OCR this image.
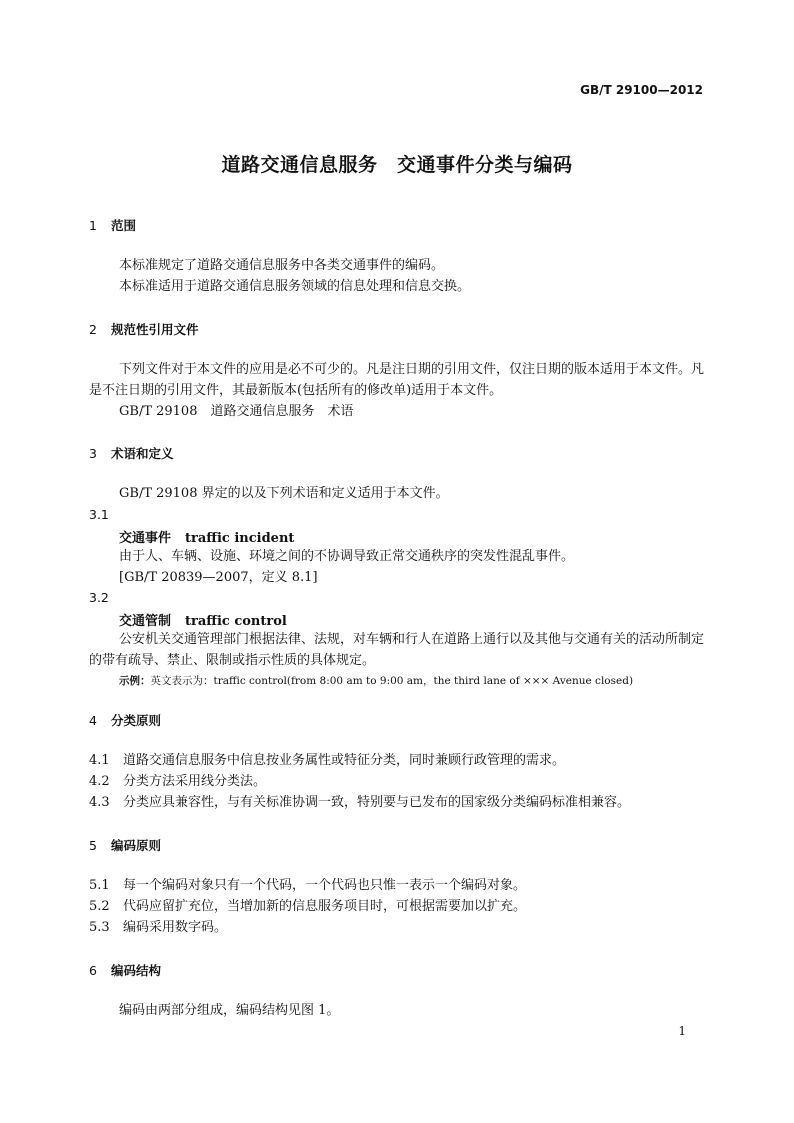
GB/T 29100—2012
道路交通信息服务　交通事件分类与编码
1 范围
本标准规定了道路交通信息服务中各类交通事件的编码。
本标准适用于道路交通信息服务领域的信息处理和信息交换。
2 规范性引用文件
下列文件对于本文件的应用是必不可少的。凡是注日期的引用文件，仅注日期的版本适用于本文件。凡是不注日期的引用文件，其最新版本(包括所有的修改单)适用于本文件。
GB/T 29108　道路交通信息服务　术语
3 术语和定义
GB/T 29108 界定的以及下列术语和定义适用于本文件。
3.1
交通事件 traffic incident
由于人、车辆、设施、环境之间的不协调导致正常交通秩序的突发性混乱事件。
[GB/T 20839—2007，定义 8.1]
3.2
交通管制 traffic control
公安机关交通管理部门根据法律、法规，对车辆和行人在道路上通行以及其他与交通有关的活动所制定的带有疏导、禁止、限制或指示性质的具体规定。
示例：英文表示为：traffic control(from 8:00 am to 9:00 am，the third lane of ××× Avenue closed)
4 分类原则
4.1 道路交通信息服务中信息按业务属性或特征分类，同时兼顾行政管理的需求。
4.2 分类方法采用线分类法。
4.3 分类应具兼容性，与有关标准协调一致，特别要与已发布的国家级分类编码标准相兼容。
5 编码原则
5.1 每一个编码对象只有一个代码，一个代码也只惟一表示一个编码对象。
5.2 代码应留扩充位，当增加新的信息服务项目时，可根据需要加以扩充。
5.3 编码采用数字码。
6 编码结构
编码由两部分组成，编码结构见图 1。
1
